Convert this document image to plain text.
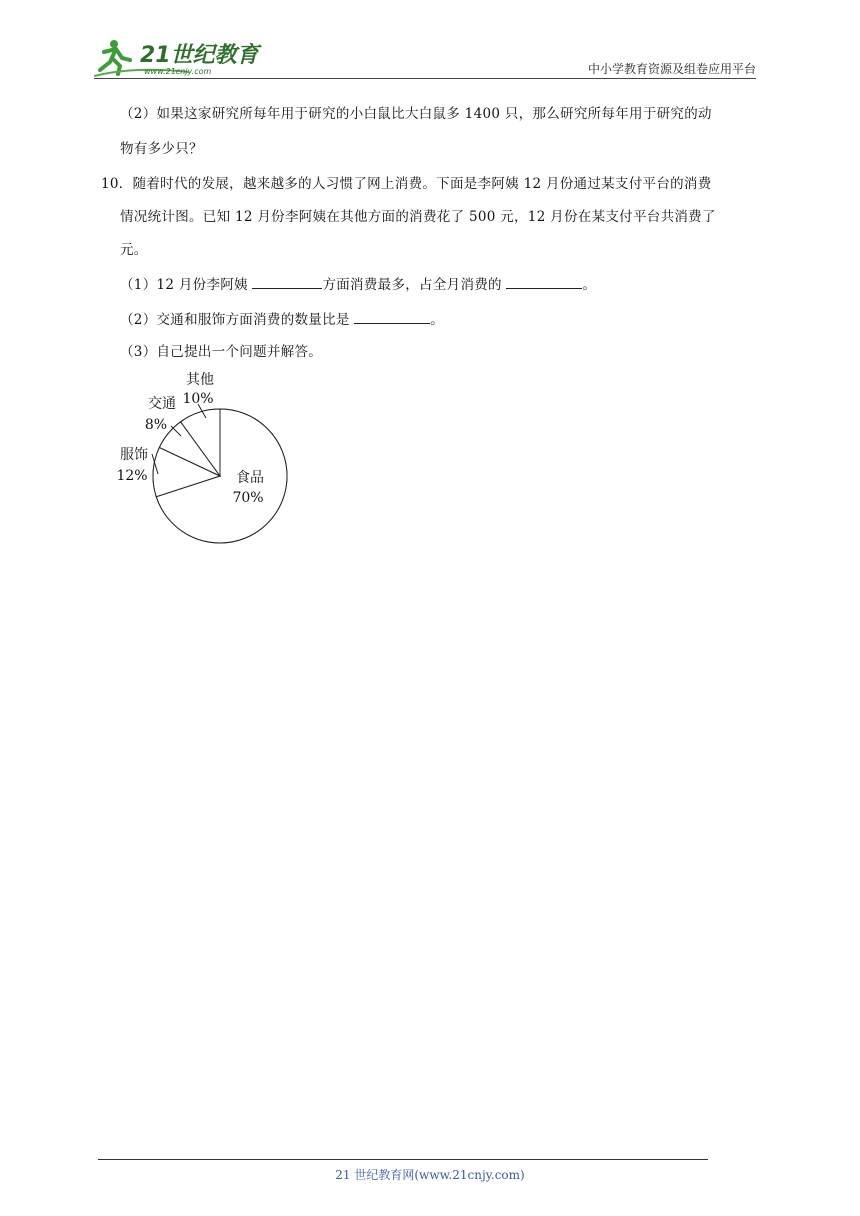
21世纪教育
www.21cnjy.com	中小学教育资源及组卷应用平台
（2）如果这家研究所每年用于研究的小白鼠比大白鼠多 1400 只，那么研究所每年用于研究的动
物有多少只？
10．随着时代的发展，越来越多的人习惯了网上消费。下面是李阿姨 12 月份通过某支付平台的消费
情况统计图。已知 12 月份李阿姨在其他方面的消费花了 500 元，12 月份在某支付平台共消费了
元。
（1）12 月份李阿姨	方面消费最多，占全月消费的	。
（2）交通和服饰方面消费的数量比是	。
（3）自己提出一个问题并解答。
食品
70%
服饰
12%
交通
8%
其他
10%
21 世纪教育网(www.21cnjy.com)
